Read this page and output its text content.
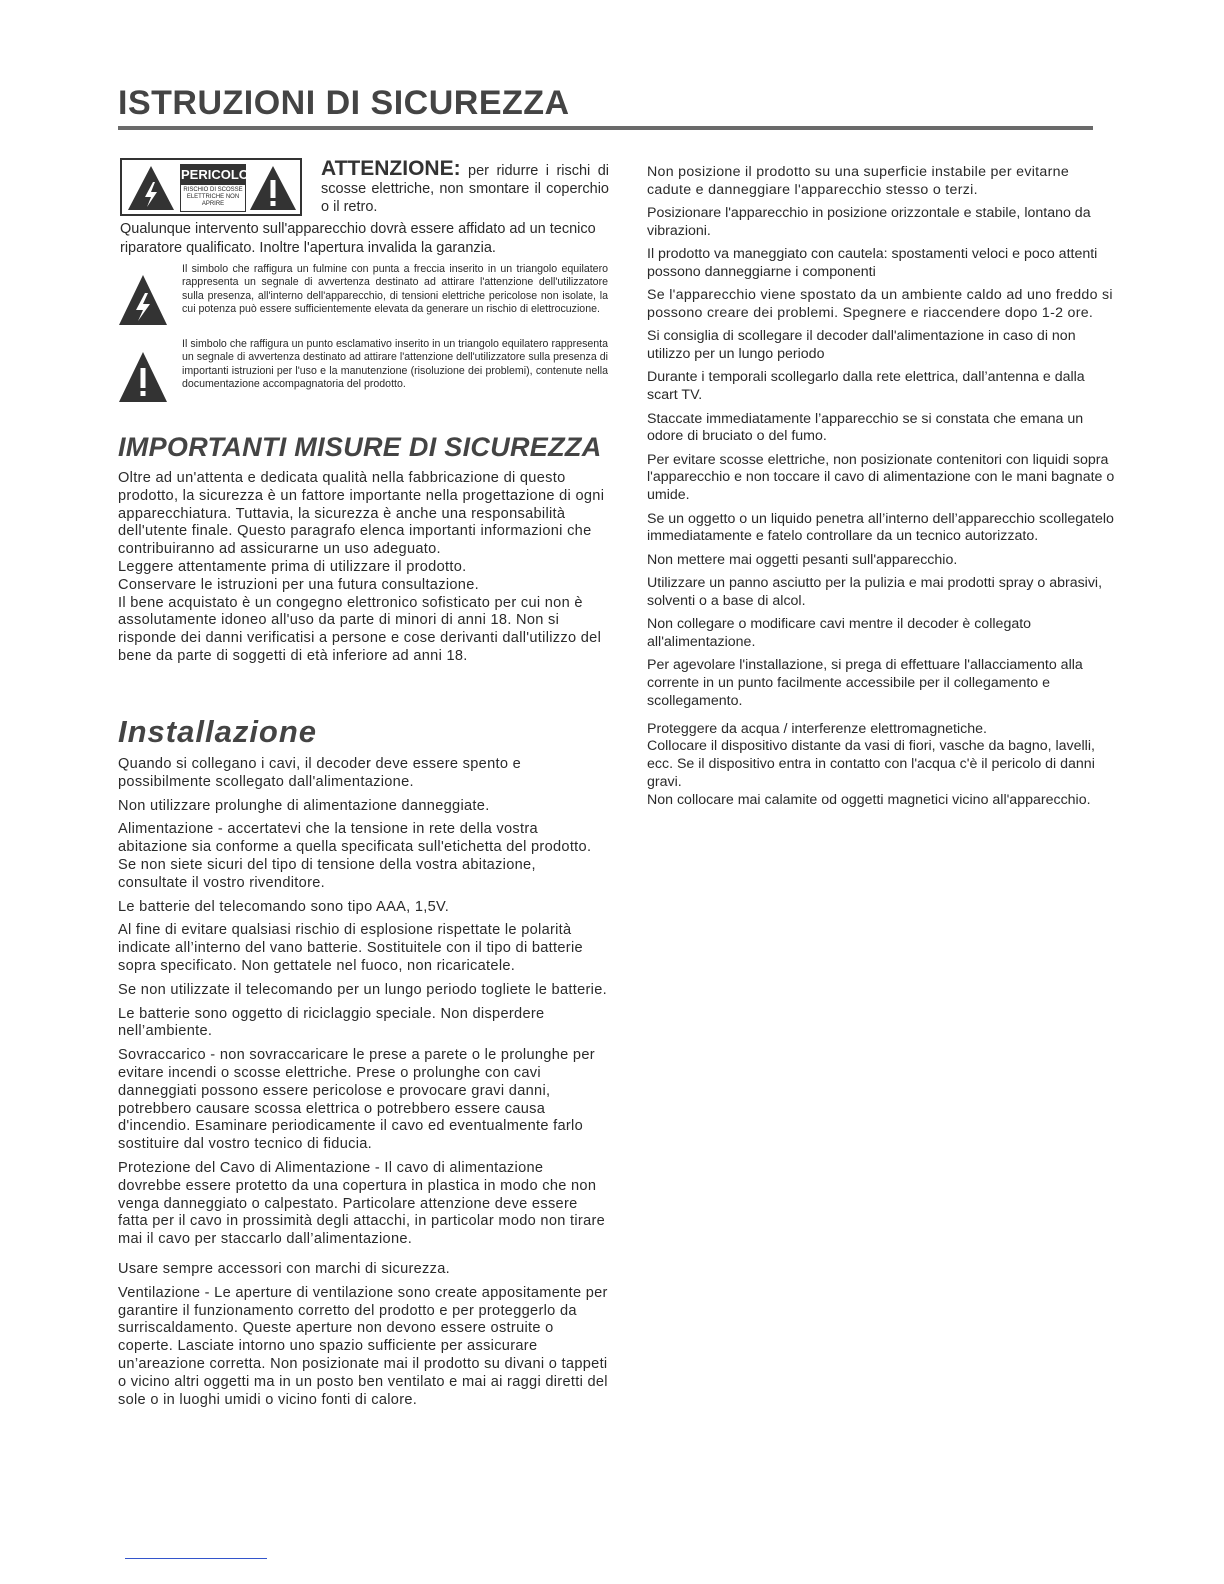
ISTRUZIONI DI SICUREZZA
PERICOLO
RISCHIO DI SCOSSE ELETTRICHE NON APRIRE
ATTENZIONE: per ridurre i rischi di scosse elettriche, non smontare il coperchio o il retro.
Qualunque intervento sull'apparecchio dovrà essere affidato ad un tecnico riparatore qualificato. Inoltre l'apertura invalida la garanzia.
Il simbolo che raffigura un fulmine con punta a freccia inserito in un triangolo equilatero rappresenta un segnale di avvertenza destinato ad attirare l'attenzione dell'utilizzatore sulla presenza, all'interno dell'apparecchio, di tensioni elettriche pericolose non isolate, la cui potenza può essere sufficientemente elevata da generare un rischio di elettrocuzione.
Il simbolo che raffigura un punto esclamativo inserito in un triangolo equilatero rappresenta un segnale di avvertenza destinato ad attirare l'attenzione dell'utilizzatore sulla presenza di importanti istruzioni per l'uso e la manutenzione (risoluzione dei problemi), contenute nella documentazione accompagnatoria del prodotto.
IMPORTANTI MISURE DI SICUREZZA

Oltre ad un'attenta e dedicata qualità nella fabbricazione di questo prodotto, la sicurezza è un fattore importante nella progettazione di ogni apparecchiatura. Tuttavia, la sicurezza è anche una responsabilità dell'utente finale. Questo paragrafo elenca importanti informazioni che contribuiranno ad assicurarne un uso adeguato.

Leggere attentamente prima di utilizzare il prodotto.

Conservare le istruzioni per una futura consultazione.

Il bene acquistato è un congegno elettronico sofisticato per cui non è assolutamente idoneo all'uso da parte di minori di anni 18. Non si risponde dei danni verificatisi a persone e cose derivanti dall'utilizzo del bene da parte di soggetti di età inferiore ad anni 18.

Installazione

Quando si collegano i cavi, il decoder deve essere spento e possibilmente scollegato dall'alimentazione.

Non utilizzare prolunghe di alimentazione danneggiate.

Alimentazione - accertatevi che la tensione in rete della vostra abitazione sia conforme a quella specificata sull'etichetta del prodotto. Se non siete sicuri del tipo di tensione della vostra abitazione, consultate il vostro rivenditore.

Le batterie del telecomando sono tipo AAA, 1,5V.

Al fine di evitare qualsiasi rischio di esplosione rispettate le polarità indicate all’interno del vano batterie. Sostituitele con il tipo di batterie sopra specificato. Non gettatele nel fuoco, non ricaricatele.

Se non utilizzate il telecomando per un lungo periodo togliete le batterie.

Le batterie sono oggetto di riciclaggio speciale. Non disperdere nell’ambiente.

Sovraccarico - non sovraccaricare le prese a parete o le prolunghe per evitare incendi o scosse elettriche. Prese o prolunghe con cavi danneggiati possono essere pericolose e provocare gravi danni, potrebbero causare scossa elettrica o potrebbero essere causa d'incendio. Esaminare periodicamente il cavo ed eventualmente farlo sostituire dal vostro tecnico di fiducia.

Protezione del Cavo di Alimentazione - Il cavo di alimentazione dovrebbe essere protetto da una copertura in plastica in modo che non venga danneggiato o calpestato. Particolare attenzione deve essere fatta per il cavo in prossimità degli attacchi, in particolar modo non tirare mai il cavo per staccarlo dall’alimentazione.

Usare sempre accessori con marchi di sicurezza.

Ventilazione - Le aperture di ventilazione sono create appositamente per garantire il funzionamento corretto del prodotto e per proteggerlo da surriscaldamento. Queste aperture non devono essere ostruite o coperte. Lasciate intorno uno spazio sufficiente per assicurare un’areazione corretta. Non posizionate mai il prodotto su divani o tappeti o vicino altri oggetti ma in un posto ben ventilato e mai ai raggi diretti del sole o in luoghi umidi o vicino fonti di calore.

Non posizione il prodotto su una superficie instabile per evitarne cadute e danneggiare l'apparecchio stesso o terzi.

Posizionare l'apparecchio in posizione orizzontale e stabile, lontano da vibrazioni.

Il prodotto va maneggiato con cautela: spostamenti veloci e poco attenti possono danneggiarne i componenti

Se l'apparecchio viene spostato da un ambiente caldo ad uno freddo si possono creare dei problemi. Spegnere e riaccendere dopo 1-2 ore.

Si consiglia di scollegare il decoder dall'alimentazione in caso di non utilizzo per un lungo periodo

Durante i temporali scollegarlo dalla rete elettrica, dall’antenna e dalla scart TV.

Staccate immediatamente l’apparecchio se si constata che emana un odore di bruciato o del fumo.

Per evitare scosse elettriche, non posizionate contenitori con liquidi sopra l'apparecchio e non toccare il cavo di alimentazione con le mani bagnate o umide.

Se un oggetto o un liquido penetra all’interno dell’apparecchio scollegatelo immediatamente e fatelo controllare da un tecnico autorizzato.

Non mettere mai oggetti pesanti sull'apparecchio.

Utilizzare un panno asciutto per la pulizia e mai prodotti spray o abrasivi, solventi o a base di alcol.

Non collegare o modificare cavi mentre il decoder è collegato all'alimentazione.

Per agevolare l'installazione, si prega di effettuare l'allacciamento alla corrente in un punto facilmente accessibile per il collegamento e scollegamento.

Proteggere da acqua / interferenze elettromagnetiche.

Collocare il dispositivo distante da vasi di fiori, vasche da bagno, lavelli, ecc. Se il dispositivo entra in contatto con l'acqua c'è il pericolo di danni gravi.

Non collocare mai calamite od oggetti magnetici vicino all'apparecchio.
